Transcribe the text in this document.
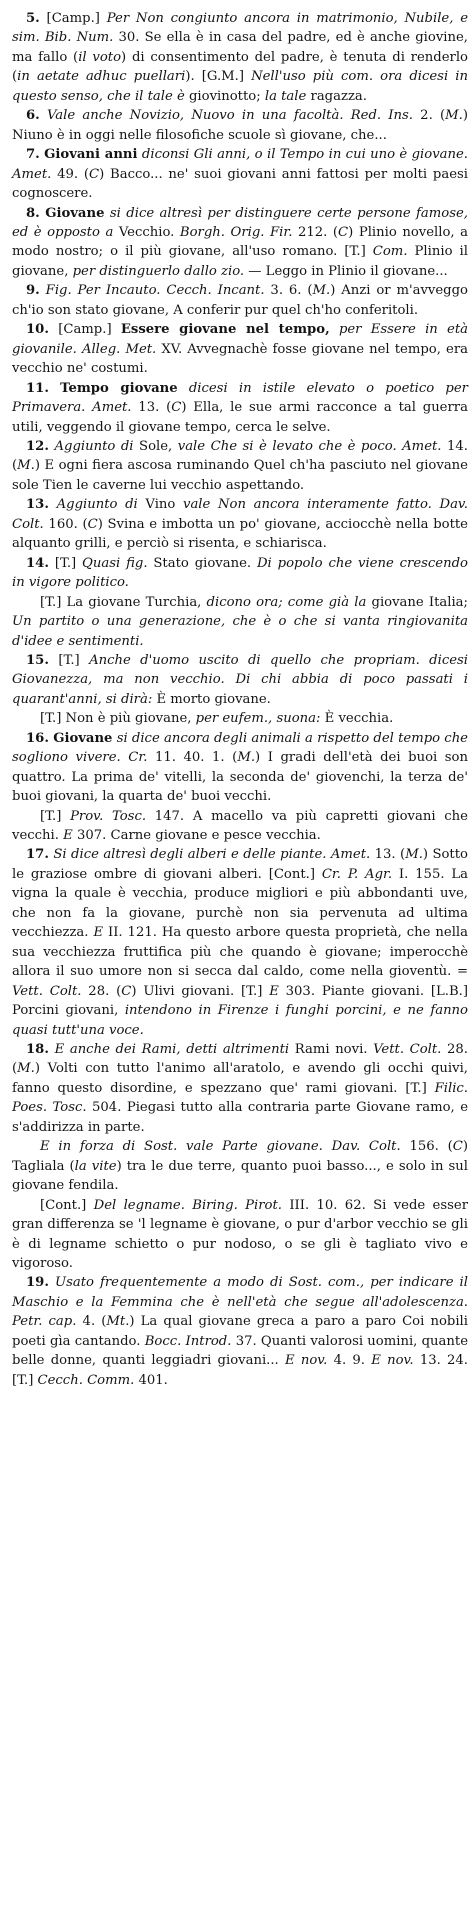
5. [Camp.] Per Non congiunto ancora in matrimonio, Nubile, e sim. Bib. Num. 30. Se ella è in casa del padre, ed è anche giovine, ma fallo (il voto) di consentimento del padre, è tenuta di renderlo (in aetate adhuc puellari). [G.M.] Nell'uso più com. ora dicesi in questo senso, che il tale è giovinotto; la tale ragazza.

6. Vale anche Novizio, Nuovo in una facoltà. Red. Ins. 2. (M.) Niuno è in oggi nelle filosofiche scuole sì giovane, che...

7. Giovani anni diconsi Gli anni, o il Tempo in cui uno è giovane. Amet. 49. (C) Bacco... ne' suoi giovani anni fattosi per molti paesi cognoscere.

8. Giovane si dice altresì per distinguere certe persone famose, ed è opposto a Vecchio. Borgh. Orig. Fir. 212. (C) Plinio novello, a modo nostro; o il più giovane, all'uso romano. [T.] Com. Plinio il giovane, per distinguerlo dallo zio. — Leggo in Plinio il giovane...

9. Fig. Per Incauto. Cecch. Incant. 3. 6. (M.) Anzi or m'avveggo ch'io son stato giovane, A conferir pur quel ch'ho conferitoli.

10. [Camp.] Essere giovane nel tempo, per Essere in età giovanile. Alleg. Met. XV. Avvegnachè fosse giovane nel tempo, era vecchio ne' costumi.

11. Tempo giovane dicesi in istile elevato o poetico per Primavera. Amet. 13. (C) Ella, le sue armi racconce a tal guerra utili, veggendo il giovane tempo, cerca le selve.

12. Aggiunto di Sole, vale Che si è levato che è poco. Amet. 14. (M.) E ogni fiera ascosa ruminando Quel ch'ha pasciuto nel giovane sole Tien le caverne lui vecchio aspettando.

13. Aggiunto di Vino vale Non ancora interamente fatto. Dav. Colt. 160. (C) Svina e imbotta un po' giovane, acciocchè nella botte alquanto grilli, e perciò si risenta, e schiarisca.

14. [T.] Quasi fig. Stato giovane. Di popolo che viene crescendo in vigore politico.

[T.] La giovane Turchia, dicono ora; come già la giovane Italia; Un partito o una generazione, che è o che si vanta ringiovanita d'idee e sentimenti.

15. [T.] Anche d'uomo uscito di quello che propriam. dicesi Giovanezza, ma non vecchio. Di chi abbia di poco passati i quarant'anni, si dirà: È morto giovane.

[T.] Non è più giovane, per eufem., suona: È vecchia.

16. Giovane si dice ancora degli animali a rispetto del tempo che sogliono vivere. Cr. 11. 40. 1. (M.) I gradi dell'età dei buoi son quattro. La prima de' vitelli, la seconda de' giovenchi, la terza de' buoi giovani, la quarta de' buoi vecchi.

[T.] Prov. Tosc. 147. A macello va più capretti giovani che vecchi. E 307. Carne giovane e pesce vecchia.

17. Si dice altresì degli alberi e delle piante. Amet. 13. (M.) Sotto le graziose ombre di giovani alberi. [Cont.] Cr. P. Agr. I. 155. La vigna la quale è vecchia, produce migliori e più abbondanti uve, che non fa la giovane, purchè non sia pervenuta ad ultima vecchiezza. E II. 121. Ha questo arbore questa proprietà, che nella sua vecchiezza fruttifica più che quando è giovane; imperocchè allora il suo umore non si secca dal caldo, come nella gioventù. = Vett. Colt. 28. (C) Ulivi giovani. [T.] E 303. Piante giovani. [L.B.] Porcini giovani, intendono in Firenze i funghi porcini, e ne fanno quasi tutt'una voce.

18. E anche dei Rami, detti altrimenti Rami novi. Vett. Colt. 28. (M.) Volti con tutto l'animo all'aratolo, e avendo gli occhi quivi, fanno questo disordine, e spezzano que' rami giovani. [T.] Filic. Poes. Tosc. 504. Piegasi tutto alla contraria parte Giovane ramo, e s'addirizza in parte.

E in forza di Sost. vale Parte giovane. Dav. Colt. 156. (C) Tagliala (la vite) tra le due terre, quanto puoi basso..., e solo in sul giovane fendila.

[Cont.] Del legname. Biring. Pirot. III. 10. 62. Si vede esser gran differenza se 'l legname è giovane, o pur d'arbor vecchio se gli è di legname schietto o pur nodoso, o se gli è tagliato vivo e vigoroso.

19. Usato frequentemente a modo di Sost. com., per indicare il Maschio e la Femmina che è nell'età che segue all'adolescenza. Petr. cap. 4. (Mt.) La qual giovane greca a paro a paro Coi nobili poeti gìa cantando. Bocc. Introd. 37. Quanti valorosi uomini, quante belle donne, quanti leggiadri giovani... E nov. 4. 9. E nov. 13. 24. [T.] Cecch. Comm. 401.
